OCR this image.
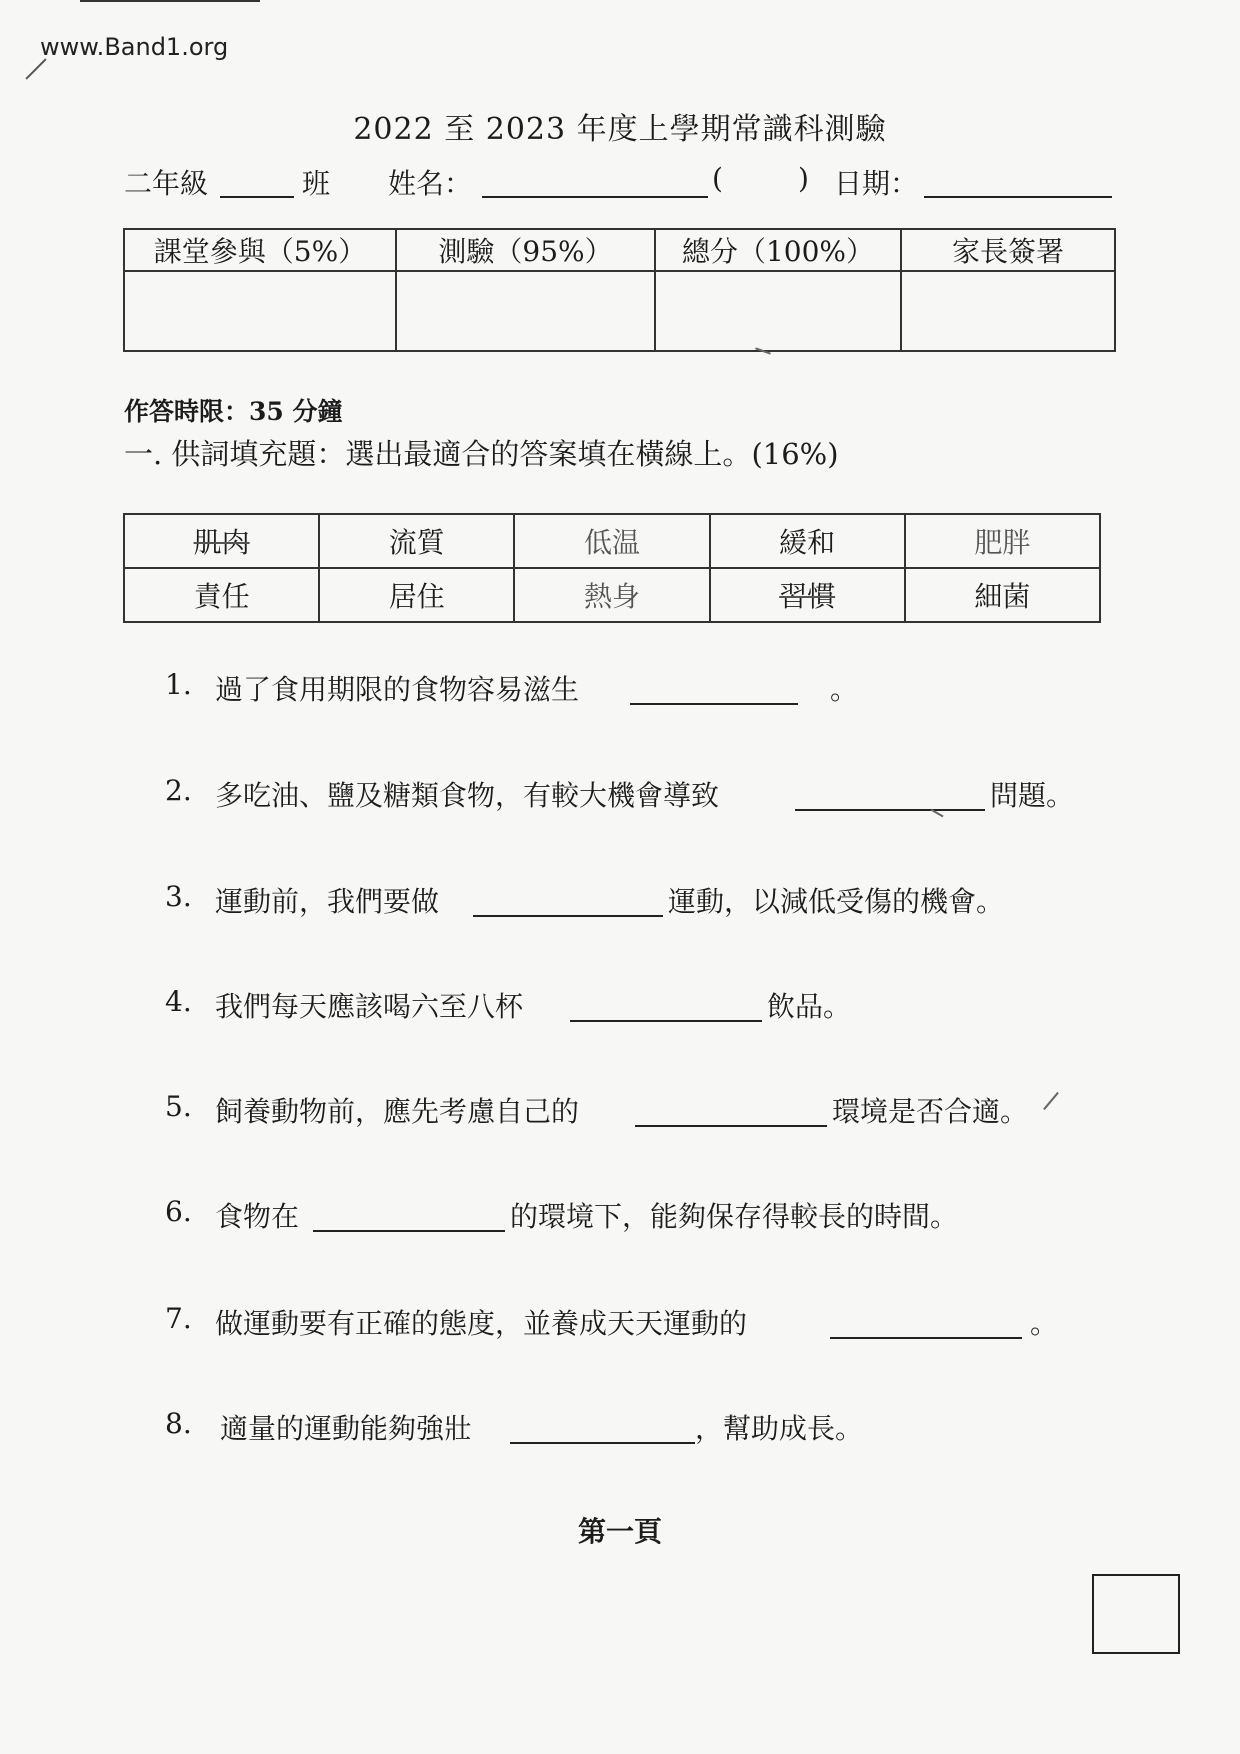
www.Band1.org
2022 至 2023 年度上學期常識科測驗
二年級	班 姓名：	(	) 日期：
課堂參與（5%）	測驗（95%）	總分（100%）	家長簽署

作答時限：35 分鐘
一. 供詞填充題：選出最適合的答案填在橫線上。(16%)
肌肉	流質	低温	緩和	肥胖
責任	居住	熱身	習慣	細菌
1. 過了食用期限的食物容易滋生	。
2. 多吃油、鹽及糖類食物，有較大機會導致	問題。
3. 運動前，我們要做	運動，以減低受傷的機會。
4. 我們每天應該喝六至八杯	飲品。
5. 飼養動物前，應先考慮自己的	環境是否合適。
6. 食物在	的環境下，能夠保存得較長的時間。
7. 做運動要有正確的態度，並養成天天運動的	。
8. 適量的運動能夠強壯	，幫助成長。
第一頁
